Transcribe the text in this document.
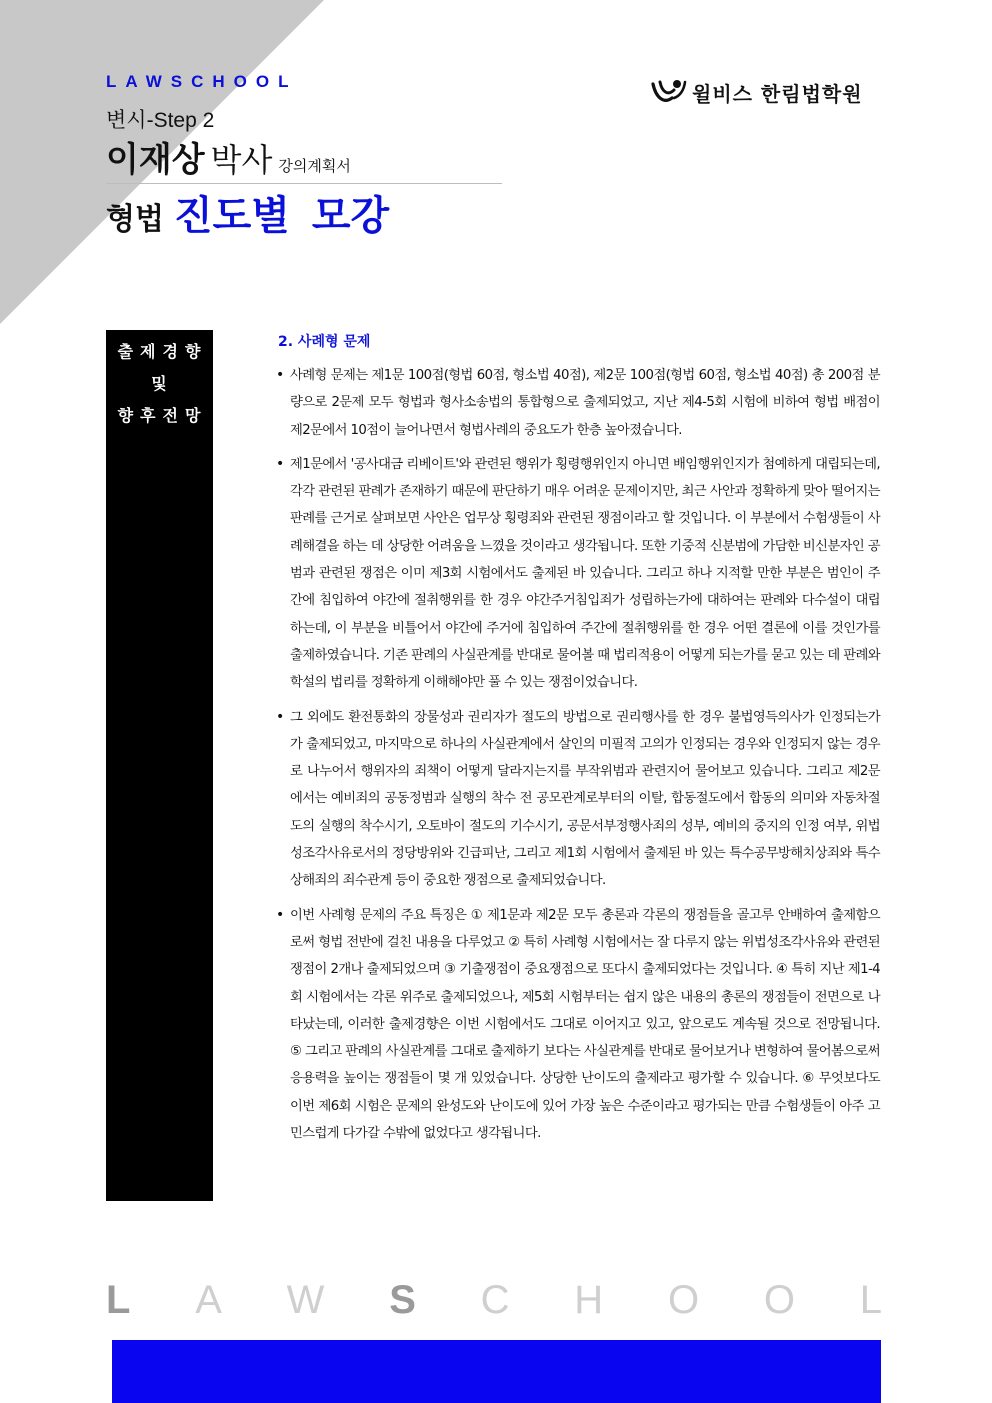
LAWSCHOOL
변시-Step 2
이재상 박사 강의계획서
형법 진도별 모강
윌비스 한림법학원
출제경향
및
향후전망
2. 사례형 문제
• 사례형 문제는 제1문 100점(형법 60점, 형소법 40점), 제2문 100점(형법 60점, 형소법 40점) 총 200점 분량으로 2문제 모두 형법과 형사소송법의 통합형으로 출제되었고, 지난 제4-5회 시험에 비하여 형법 배점이 제2문에서 10점이 늘어나면서 형법사례의 중요도가 한층 높아졌습니다.
• 제1문에서 '공사대금 리베이트'와 관련된 행위가 횡령행위인지 아니면 배임행위인지가 첨예하게 대립되는데, 각각 관련된 판례가 존재하기 때문에 판단하기 매우 어려운 문제이지만, 최근 사안과 정확하게 맞아 떨어지는 판례를 근거로 살펴보면 사안은 업무상 횡령죄와 관련된 쟁점이라고 할 것입니다. 이 부분에서 수험생들이 사례해결을 하는 데 상당한 어려움을 느꼈을 것이라고 생각됩니다. 또한 기중적 신분범에 가담한 비신분자인 공범과 관련된 쟁점은 이미 제3회 시험에서도 출제된 바 있습니다. 그리고 하나 지적할 만한 부분은 범인이 주간에 침입하여 야간에 절취행위를 한 경우 야간주거침입죄가 성립하는가에 대하여는 판례와 다수설이 대립하는데, 이 부분을 비틀어서 야간에 주거에 침입하여 주간에 절취행위를 한 경우 어떤 결론에 이를 것인가를 출제하였습니다. 기존 판례의 사실관계를 반대로 물어볼 때 법리적용이 어떻게 되는가를 묻고 있는 데 판례와 학설의 법리를 정확하게 이해해야만 풀 수 있는 쟁점이었습니다.
• 그 외에도 환전통화의 장물성과 권리자가 절도의 방법으로 권리행사를 한 경우 불법영득의사가 인정되는가가 출제되었고, 마지막으로 하나의 사실관계에서 살인의 미필적 고의가 인정되는 경우와 인정되지 않는 경우로 나누어서 행위자의 죄책이 어떻게 달라지는지를 부작위범과 관련지어 물어보고 있습니다. 그리고 제2문에서는 예비죄의 공동정범과 실행의 착수 전 공모관계로부터의 이탈, 합동절도에서 합동의 의미와 자동차절도의 실행의 착수시기, 오토바이 절도의 기수시기, 공문서부정행사죄의 성부, 예비의 중지의 인정 여부, 위법성조각사유로서의 정당방위와 긴급피난, 그리고 제1회 시험에서 출제된 바 있는 특수공무방해치상죄와 특수상해죄의 죄수관계 등이 중요한 쟁점으로 출제되었습니다.
• 이번 사례형 문제의 주요 특징은 ① 제1문과 제2문 모두 총론과 각론의 쟁점들을 골고루 안배하여 출제함으로써 형법 전반에 걸친 내용을 다루었고 ② 특히 사례형 시험에서는 잘 다루지 않는 위법성조각사유와 관련된 쟁점이 2개나 출제되었으며 ③ 기출쟁점이 중요쟁점으로 또다시 출제되었다는 것입니다. ④ 특히 지난 제1-4회 시험에서는 각론 위주로 출제되었으나, 제5회 시험부터는 쉽지 않은 내용의 총론의 쟁점들이 전면으로 나타났는데, 이러한 출제경향은 이번 시험에서도 그대로 이어지고 있고, 앞으로도 계속될 것으로 전망됩니다. ⑤ 그리고 판례의 사실관계를 그대로 출제하기 보다는 사실관계를 반대로 물어보거나 변형하여 물어봄으로써 응용력을 높이는 쟁점들이 몇 개 있었습니다. 상당한 난이도의 출제라고 평가할 수 있습니다. ⑥ 무엇보다도 이번 제6회 시험은 문제의 완성도와 난이도에 있어 가장 높은 수준이라고 평가되는 만큼 수험생들이 아주 고민스럽게 다가갈 수밖에 없었다고 생각됩니다.
L A W S C H O O L
